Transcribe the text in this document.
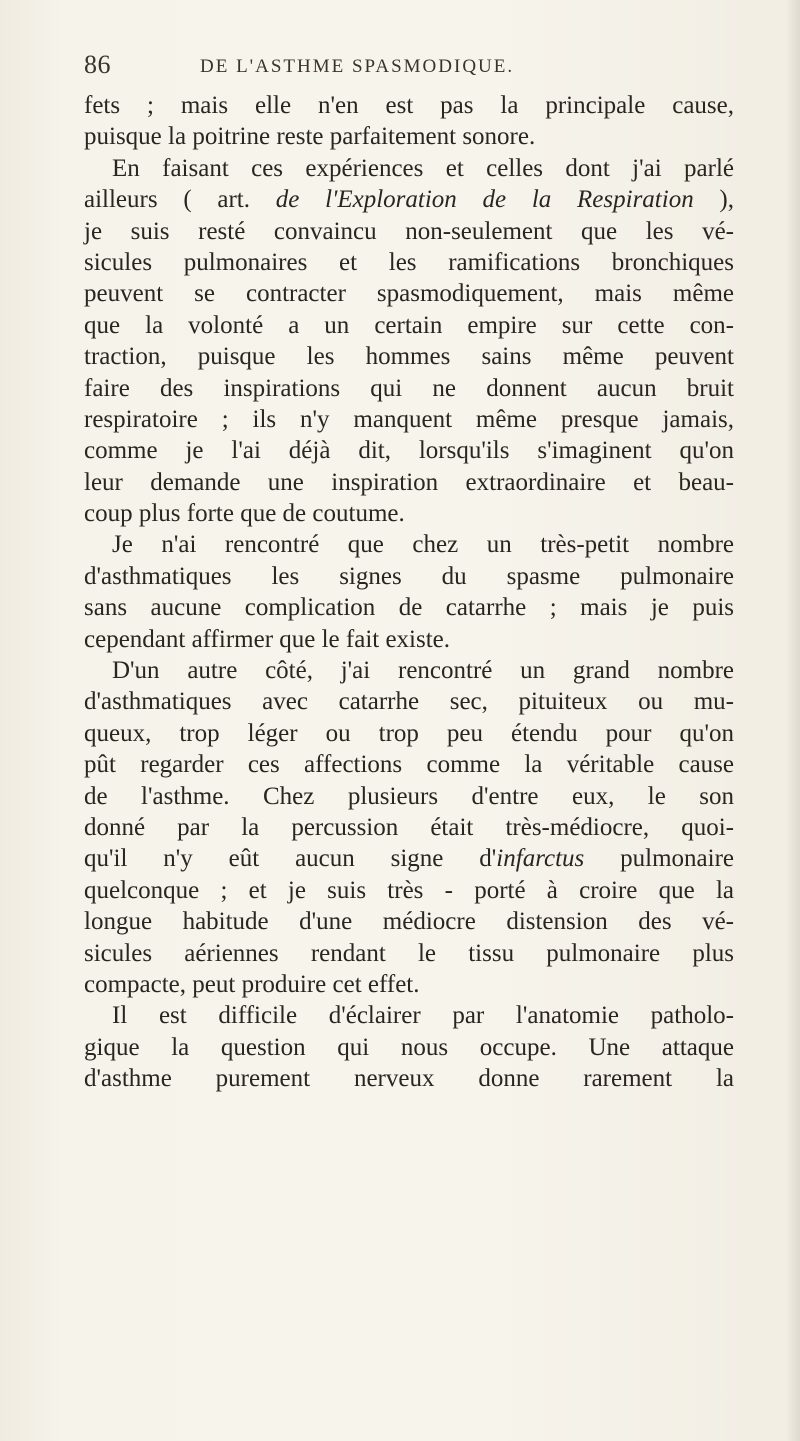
86	DE L'ASTHME SPASMODIQUE.
fets ; mais elle n'en est pas la principale cause,
puisque la poitrine reste parfaitement sonore.
En faisant ces expériences et celles dont j'ai parlé
ailleurs ( art. de l'Exploration de la Respiration ),
je suis resté convaincu non-seulement que les vé-
sicules pulmonaires et les ramifications bronchiques
peuvent se contracter spasmodiquement, mais même
que la volonté a un certain empire sur cette con-
traction, puisque les hommes sains même peuvent
faire des inspirations qui ne donnent aucun bruit
respiratoire ; ils n'y manquent même presque jamais,
comme je l'ai déjà dit, lorsqu'ils s'imaginent qu'on
leur demande une inspiration extraordinaire et beau-
coup plus forte que de coutume.
Je n'ai rencontré que chez un très-petit nombre
d'asthmatiques les signes du spasme pulmonaire
sans aucune complication de catarrhe ; mais je puis
cependant affirmer que le fait existe.
D'un autre côté, j'ai rencontré un grand nombre
d'asthmatiques avec catarrhe sec, pituiteux ou mu-
queux, trop léger ou trop peu étendu pour qu'on
pût regarder ces affections comme la véritable cause
de l'asthme. Chez plusieurs d'entre eux, le son
donné par la percussion était très-médiocre, quoi-
qu'il n'y eût aucun signe d'infarctus pulmonaire
quelconque ; et je suis très - porté à croire que la
longue habitude d'une médiocre distension des vé-
sicules aériennes rendant le tissu pulmonaire plus
compacte, peut produire cet effet.
Il est difficile d'éclairer par l'anatomie patholo-
gique la question qui nous occupe. Une attaque
d'asthme purement nerveux donne rarement la
